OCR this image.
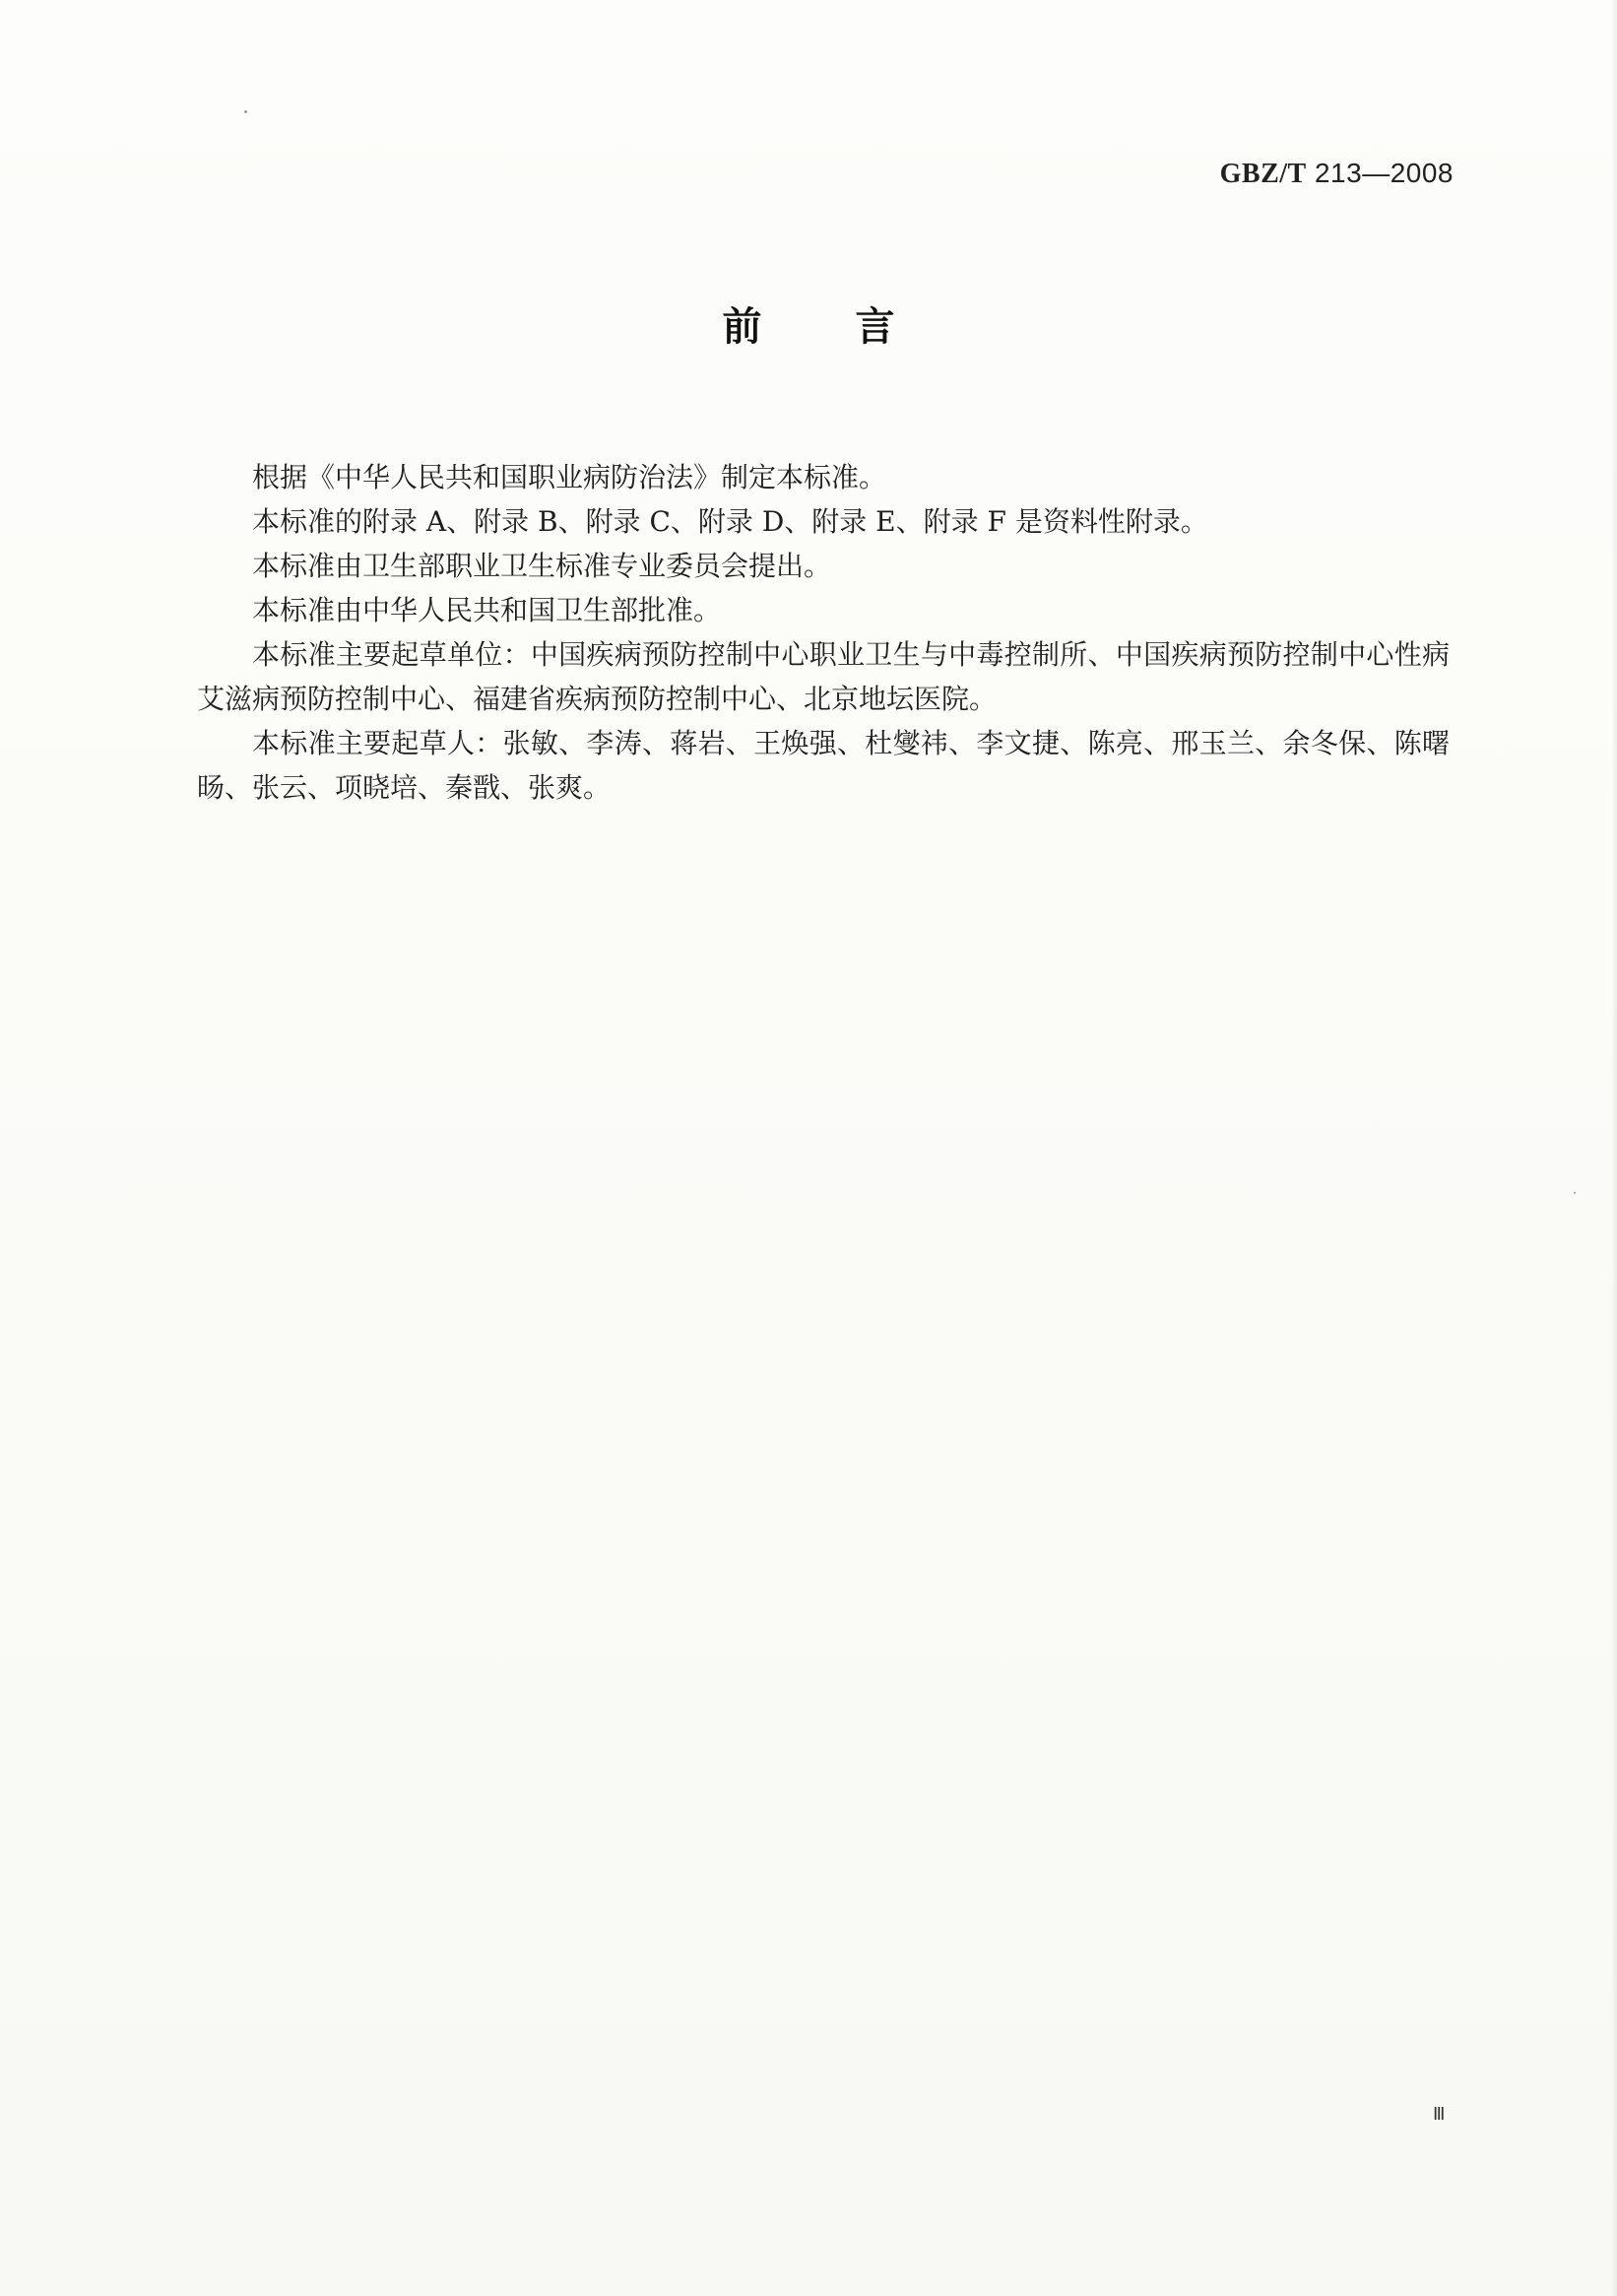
GBZ/T 213—2008
前言

根据《中华人民共和国职业病防治法》制定本标准。

本标准的附录 A、附录 B、附录 C、附录 D、附录 E、附录 F 是资料性附录。

本标准由卫生部职业卫生标准专业委员会提出。

本标准由中华人民共和国卫生部批准。

本标准主要起草单位：中国疾病预防控制中心职业卫生与中毒控制所、中国疾病预防控制中心性病艾滋病预防控制中心、福建省疾病预防控制中心、北京地坛医院。

本标准主要起草人：张敏、李涛、蒋岩、王焕强、杜燮祎、李文捷、陈亮、邢玉兰、余冬保、陈曙旸、张云、项晓培、秦戬、张爽。

Ⅲ
